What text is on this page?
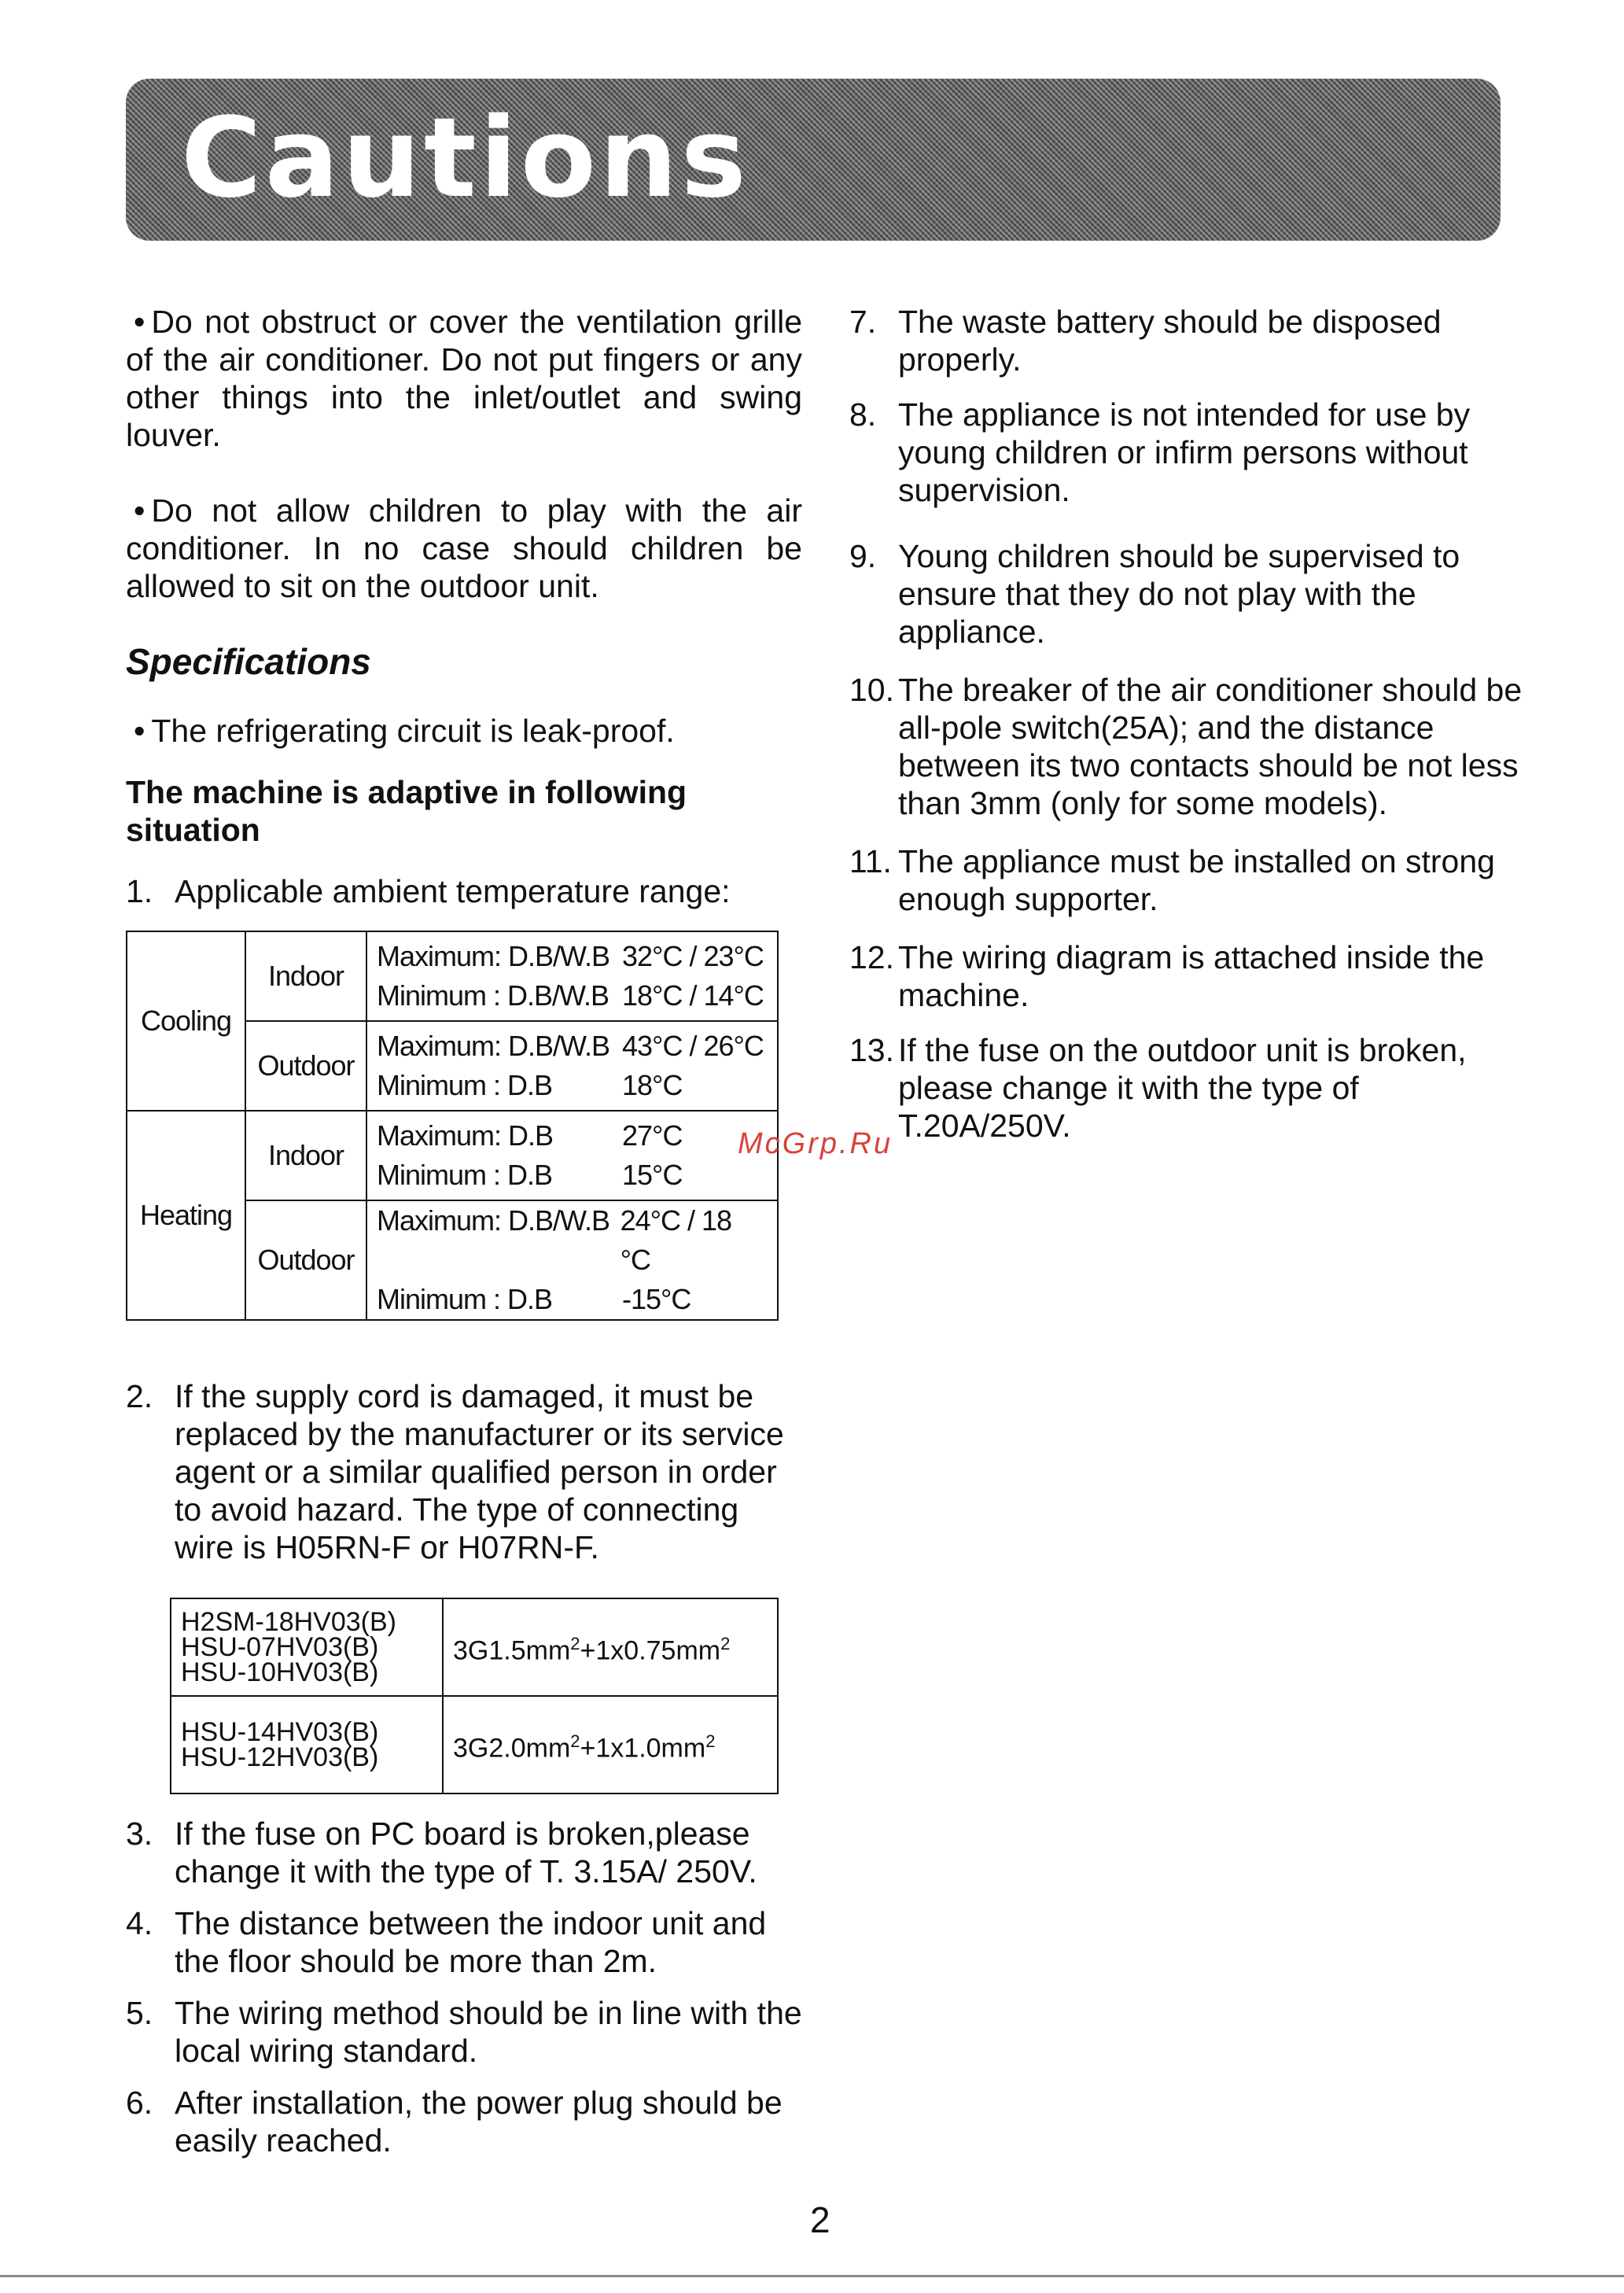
Cautions

• Do not obstruct or cover the ventilation grille of the air conditioner. Do not put fingers or any other things into the inlet/outlet and swing louver.

• Do not allow children to play with the air conditioner. In no case should children be allowed to sit on the outdoor unit.

Specifications

• The refrigerating circuit is leak-proof.

The machine is adaptive in following situation

1. Applicable ambient temperature range:
Cooling	Indoor	Maximum: D.B/W.B 32°C / 23°C
Minimum : D.B/W.B 18°C / 14°C

	Outdoor	Maximum: D.B/W.B 43°C / 26°C
Minimum : D.B 18°C

Heating	Indoor	Maximum: D.B 27°C
Minimum : D.B 15°C

	Outdoor	Maximum: D.B/W.B 24°C / 18 °C
Minimum : D.B -15°C
2. If the supply cord is damaged, it must be replaced by the manufacturer or its service agent or a similar qualified person in order to avoid hazard. The type of connecting wire is H05RN-F or H07RN-F.
H2SM-18HV03(B)
HSU-07HV03(B)
HSU-10HV03(B)	$3G1.5mm^2+1x0.75mm^2$

HSU-14HV03(B)
HSU-12HV03(B)	$3G2.0mm^2+1x1.0mm^2$
3. If the fuse on PC board is broken,please change it with the type of T. 3.15A/ 250V.
4. The distance between the indoor unit and the floor should be more than 2m.
5. The wiring method should be in line with the local wiring standard.
6. After installation, the power plug should be easily reached.
7. The waste battery should be disposed properly.
8. The appliance is not intended for use by young children or infirm persons without supervision.
9. Young children should be supervised to ensure that they do not play with the appliance.
10. The breaker of the air conditioner should be all-pole switch(25A); and the distance between its two contacts should be not less than 3mm (only for some models).
11. The appliance must be installed on strong enough supporter.
12. The wiring diagram is attached inside the machine.
13. If the fuse on the outdoor unit is broken, please change it with the type of T.20A/250V.
McGrp.Ru
2
